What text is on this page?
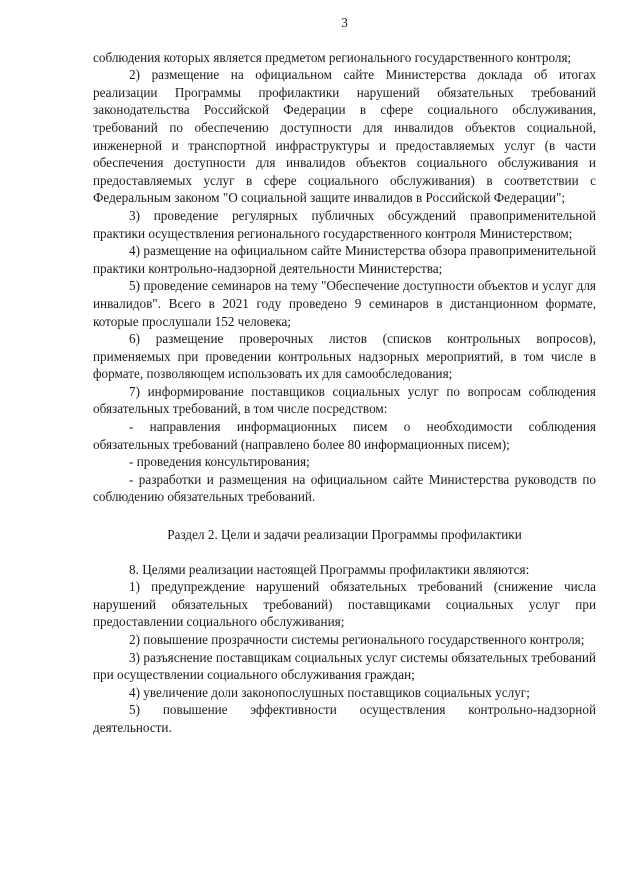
3

соблюдения которых является предметом регионального государственного контроля;

2) размещение на официальном сайте Министерства доклада об итогах реализации Программы профилактики нарушений обязательных требований законодательства Российской Федерации в сфере социального обслуживания, требований по обеспечению доступности для инвалидов объектов социальной, инженерной и транспортной инфраструктуры и предоставляемых услуг (в части обеспечения доступности для инвалидов объектов социального обслуживания и предоставляемых услуг в сфере социального обслуживания) в соответствии с Федеральным законом "О социальной защите инвалидов в Российской Федерации";

3) проведение регулярных публичных обсуждений правоприменительной практики осуществления регионального государственного контроля Министерством;

4) размещение на официальном сайте Министерства обзора правоприменительной практики контрольно-надзорной деятельности Министерства;

5) проведение семинаров на тему "Обеспечение доступности объектов и услуг для инвалидов". Всего в 2021 году проведено 9 семинаров в дистанционном формате, которые прослушали 152 человека;

6) размещение проверочных листов (списков контрольных вопросов), применяемых при проведении контрольных надзорных мероприятий, в том числе в формате, позволяющем использовать их для самообследования;

7) информирование поставщиков социальных услуг по вопросам соблюдения обязательных требований, в том числе посредством:

- направления информационных писем о необходимости соблюдения обязательных требований (направлено более 80 информационных писем);

- проведения консультирования;

- разработки и размещения на официальном сайте Министерства руководств по соблюдению обязательных требований.

Раздел 2. Цели и задачи реализации Программы профилактики

8. Целями реализации настоящей Программы профилактики являются:

1) предупреждение нарушений обязательных требований (снижение числа нарушений обязательных требований) поставщиками социальных услуг при предоставлении социального обслуживания;

2) повышение прозрачности системы регионального государственного контроля;

3) разъяснение поставщикам социальных услуг системы обязательных требований при осуществлении социального обслуживания граждан;

4) увеличение доли законопослушных поставщиков социальных услуг;

5) повышение эффективности осуществления контрольно-надзорной деятельности.
